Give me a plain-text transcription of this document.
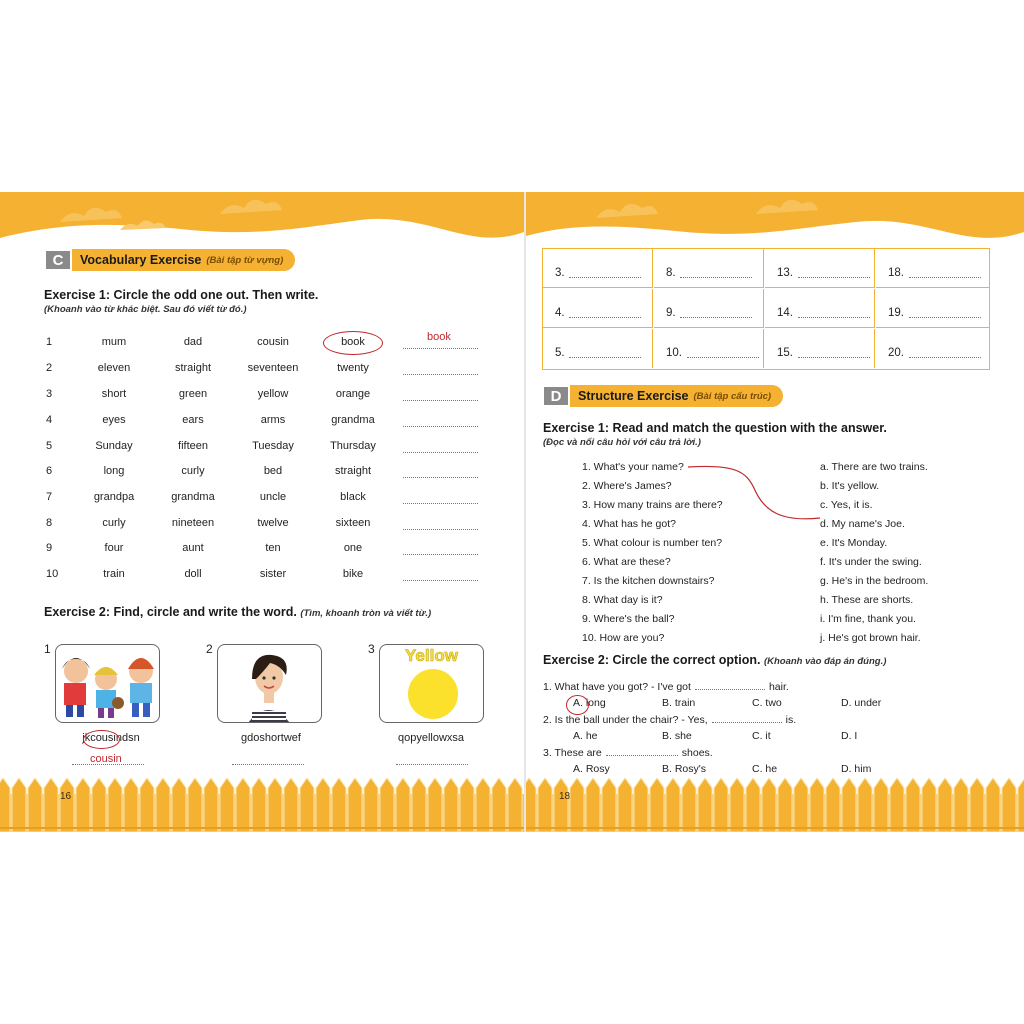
C	Vocabulary Exercise (Bài tập từ vựng)
Exercise 1: Circle the odd one out. Then write.
(Khoanh vào từ khác biệt. Sau đó viết từ đó.)
1	mum	dad	cousin	book	book
2	eleven	straight	seventeen	twenty
3	short	green	yellow	orange
4	eyes	ears	arms	grandma
5	Sunday	fifteen	Tuesday	Thursday
6	long	curly	bed	straight
7	grandpa	grandma	uncle	black
8	curly	nineteen	twelve	sixteen
9	four	aunt	ten	one
10	train	doll	sister	bike
Exercise 2: Find, circle and write the word. (Tìm, khoanh tròn và viết từ.)
1
jkcousindsn
cousin
2
gdoshortwef
3	Yellow
qopyellowxsa
16
3.	8.	13.	18.
4.	9.	14.	19.
5.	10.	15.	20.
D	Structure Exercise (Bài tập cấu trúc)
Exercise 1: Read and match the question with the answer.
(Đọc và nối câu hỏi với câu trả lời.)
1. What's your name?	a. There are two trains.
2. Where's James?	b. It's yellow.
3. How many trains are there?	c. Yes, it is.
4. What has he got?	d. My name's Joe.
5. What colour is number ten?	e. It's Monday.
6. What are these?	f. It's under the swing.
7. Is the kitchen downstairs?	g. He's in the bedroom.
8. What day is it?	h. These are shorts.
9. Where's the ball?	i. I'm fine, thank you.
10. How are you?	j. He's got brown hair.
Exercise 2: Circle the correct option. (Khoanh vào đáp án đúng.)
1. What have you got? - I've got	hair.
A. long	B. train	C. two	D. under
2. Is the ball under the chair? - Yes,	is.
A. he	B. she	C. it	D. I
3. These are	shoes.
A. Rosy	B. Rosy's	C. he	D. him
18
